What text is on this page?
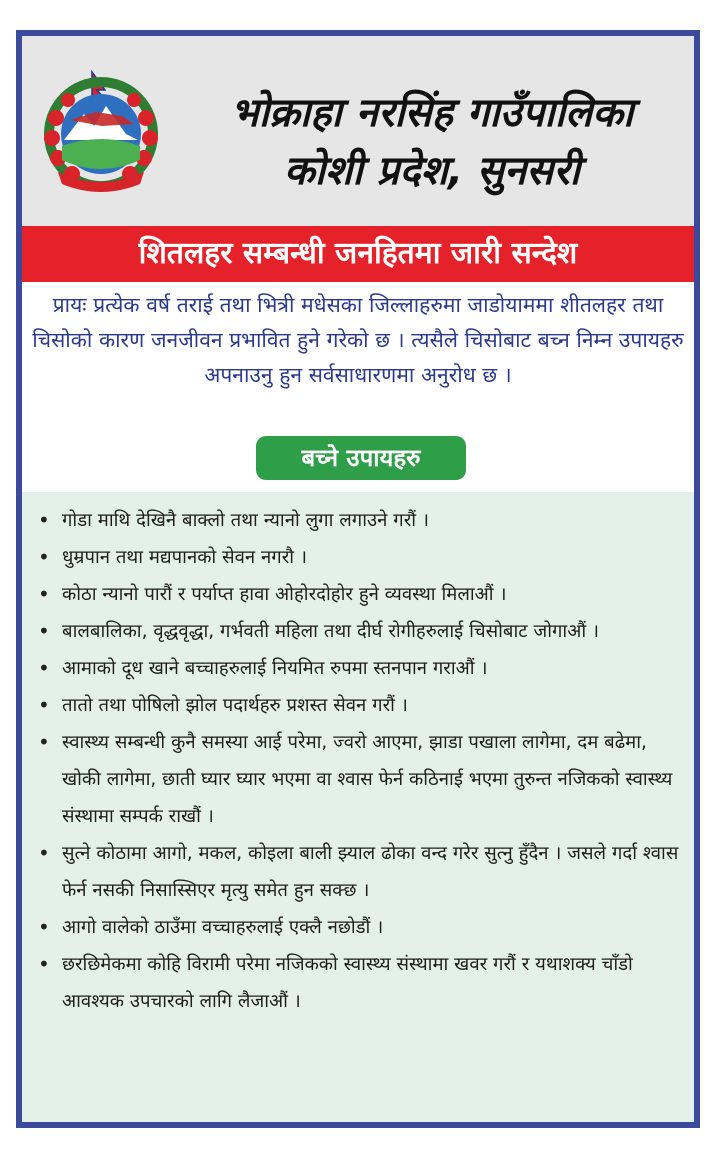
भोक्राहा नरसिंह गाउँपालिका
कोशी प्रदेश, सुनसरी
शितलहर सम्बन्धी जनहितमा जारी सन्देश
प्रायः प्रत्येक वर्ष तराई तथा भित्री मधेसका जिल्लाहरुमा जाडोयाममा शीतलहर तथा चिसोको कारण जनजीवन प्रभावित हुने गरेको छ । त्यसैले चिसोबाट बच्न निम्न उपायहरु अपनाउनु हुन सर्वसाधारणमा अनुरोध छ ।
बच्ने उपायहरु
• गोडा माथि देखिनै बाक्लो तथा न्यानो लुगा लगाउने गरौं ।
• धुम्रपान तथा मद्यपानको सेवन नगरौ ।
• कोठा न्यानो पारौं र पर्याप्त हावा ओहोरदोहोर हुने व्यवस्था मिलाऔं ।
• बालबालिका, वृद्धवृद्धा, गर्भवती महिला तथा दीर्घ रोगीहरुलाई चिसोबाट जोगाऔं ।
• आमाको दूध खाने बच्चाहरुलाई नियमित रुपमा स्तनपान गराऔं ।
• तातो तथा पोषिलो झोल पदार्थहरु प्रशस्त सेवन गरौं ।
• स्वास्थ्य सम्बन्धी कुनै समस्या आई परेमा, ज्वरो आएमा, झाडा पखाला लागेमा, दम बढेमा, खोकी लागेमा, छाती घ्यार घ्यार भएमा वा श्वास फेर्न कठिनाई भएमा तुरुन्त नजिकको स्वास्थ्य संस्थामा सम्पर्क राखौं ।
• सुत्ने कोठामा आगो, मकल, कोइला बाली झ्याल ढोका वन्द गरेर सुत्नु हुँदैन । जसले गर्दा श्वास फेर्न नसकी निसास्सिएर मृत्यु समेत हुन सक्छ ।
• आगो वालेको ठाउँमा वच्चाहरुलाई एक्लै नछोडौं ।
• छरछिमेकमा कोहि विरामी परेमा नजिकको स्वास्थ्य संस्थामा खवर गरौं र यथाशक्य चाँडो आवश्यक उपचारको लागि लैजाऔं ।
